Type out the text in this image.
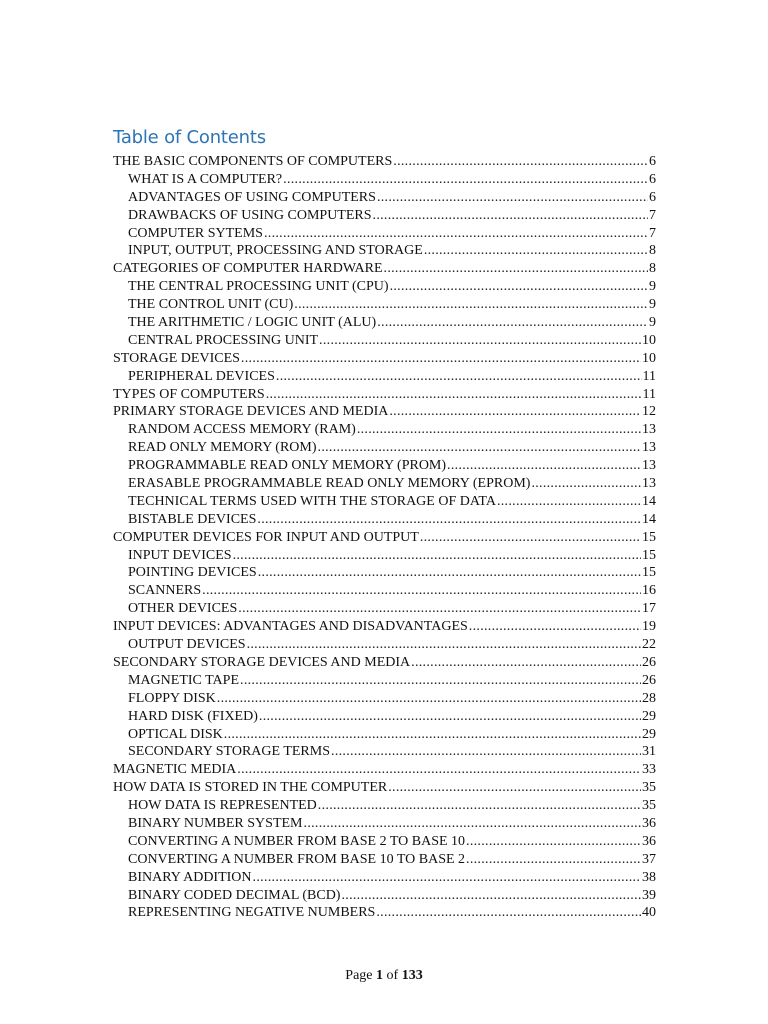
Table of Contents
THE BASIC COMPONENTS OF COMPUTERS .....	6
WHAT IS A COMPUTER? .....	6
ADVANTAGES OF USING COMPUTERS .....	6
DRAWBACKS OF USING COMPUTERS .....	7
COMPUTER SYTEMS .....	7
INPUT, OUTPUT, PROCESSING AND STORAGE .....	8
CATEGORIES OF COMPUTER HARDWARE .....	8
THE CENTRAL PROCESSING UNIT (CPU) .....	9
THE CONTROL UNIT (CU) .....	9
THE ARITHMETIC / LOGIC UNIT (ALU) .....	9
CENTRAL PROCESSING UNIT .....	10
STORAGE DEVICES .....	10
PERIPHERAL DEVICES .....	11
TYPES OF COMPUTERS .....	11
PRIMARY STORAGE DEVICES AND MEDIA .....	12
RANDOM ACCESS MEMORY (RAM) .....	13
READ ONLY MEMORY (ROM) .....	13
PROGRAMMABLE READ ONLY MEMORY (PROM) .....	13
ERASABLE PROGRAMMABLE READ ONLY MEMORY (EPROM) .....	13
TECHNICAL TERMS USED WITH THE STORAGE OF DATA .....	14
BISTABLE DEVICES .....	14
COMPUTER DEVICES FOR INPUT AND OUTPUT .....	15
INPUT DEVICES .....	15
POINTING DEVICES .....	15
SCANNERS .....	16
OTHER DEVICES .....	17
INPUT DEVICES: ADVANTAGES AND DISADVANTAGES .....	19
OUTPUT DEVICES .....	22
SECONDARY STORAGE DEVICES AND MEDIA .....	26
MAGNETIC TAPE .....	26
FLOPPY DISK .....	28
HARD DISK (FIXED) .....	29
OPTICAL DISK .....	29
SECONDARY STORAGE TERMS .....	31
MAGNETIC MEDIA .....	33
HOW DATA IS STORED IN THE COMPUTER .....	35
HOW DATA IS REPRESENTED .....	35
BINARY NUMBER SYSTEM .....	36
CONVERTING A NUMBER FROM BASE 2 TO BASE 10 .....	36
CONVERTING A NUMBER FROM BASE 10 TO BASE 2 .....	37
BINARY ADDITION .....	38
BINARY CODED DECIMAL (BCD) .....	39
REPRESENTING NEGATIVE NUMBERS .....	40
Page 1 of 133
